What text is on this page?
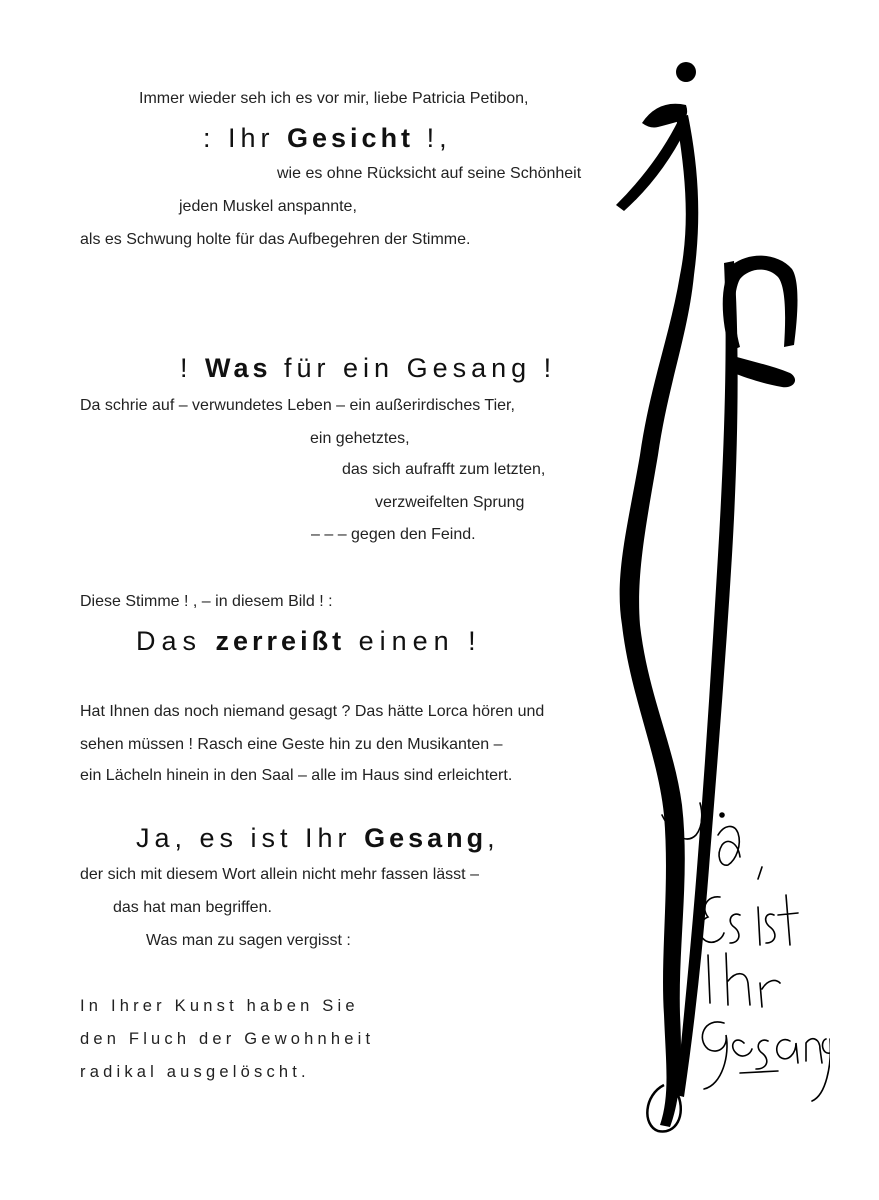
Immer wieder seh ich es vor mir, liebe Patricia Petibon,
: Ihr Gesicht !,
wie es ohne Rücksicht auf seine Schönheit
jeden Muskel anspannte,
als es Schwung holte für das Aufbegehren der Stimme.
! Was für ein Gesang !
Da schrie auf – verwundetes Leben – ein außerirdisches Tier,
ein gehetztes,
das sich aufrafft zum letzten,
verzweifelten Sprung
– – – gegen den Feind.
Diese Stimme ! , – in diesem Bild ! :
Das zerreißt einen !
Hat Ihnen das noch niemand gesagt ? Das hätte Lorca hören und
sehen müssen ! Rasch eine Geste hin zu den Musikanten –
ein Lächeln hinein in den Saal – alle im Haus sind erleichtert.
Ja, es ist Ihr Gesang,
der sich mit diesem Wort allein nicht mehr fassen lässt –
das hat man begriffen.
Was man zu sagen vergisst :
In Ihrer Kunst haben Sie
den Fluch der Gewohnheit
radikal ausgelöscht.
